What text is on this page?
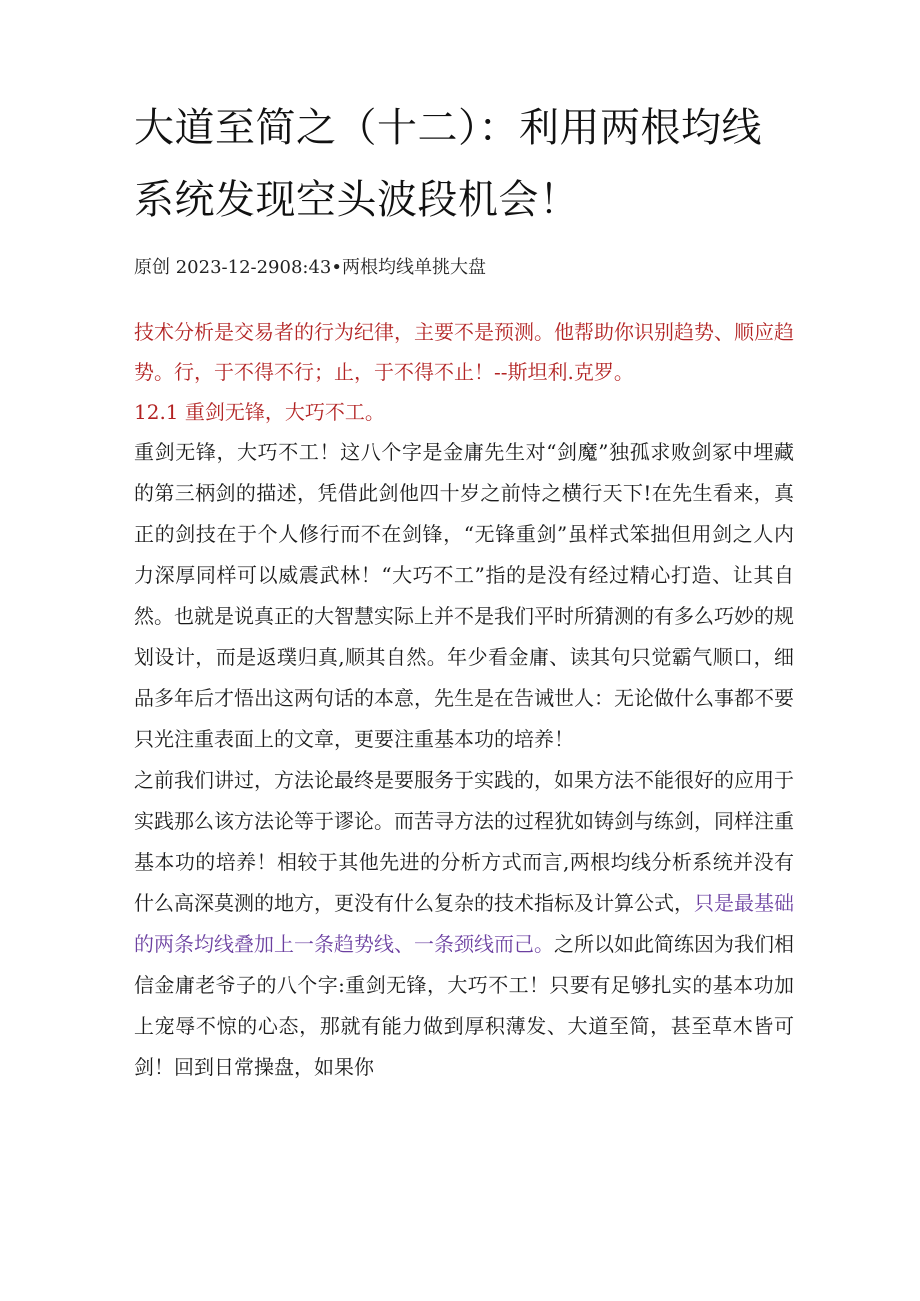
大道至简之（十二）：利用两根均线系统发现空头波段机会！
原创 2023-12-2908:43•两根均线单挑大盘
技术分析是交易者的行为纪律，主要不是预测。他帮助你识别趋势、顺应趋势。行，于不得不行；止，于不得不止！--斯坦利.克罗。
12.1 重剑无锋，大巧不工。
重剑无锋，大巧不工！这八个字是金庸先生对“剑魔”独孤求败剑冢中埋藏的第三柄剑的描述，凭借此剑他四十岁之前恃之横行天下!在先生看来，真正的剑技在于个人修行而不在剑锋，“无锋重剑”虽样式笨拙但用剑之人内力深厚同样可以威震武林！“大巧不工”指的是没有经过精心打造、让其自然。也就是说真正的大智慧实际上并不是我们平时所猜测的有多么巧妙的规划设计，而是返璞归真,顺其自然。年少看金庸、读其句只觉霸气顺口，细品多年后才悟出这两句话的本意，先生是在告诫世人：无论做什么事都不要只光注重表面上的文章，更要注重基本功的培养！
之前我们讲过，方法论最终是要服务于实践的，如果方法不能很好的应用于实践那么该方法论等于谬论。而苦寻方法的过程犹如铸剑与练剑，同样注重基本功的培养！相较于其他先进的分析方式而言,两根均线分析系统并没有什么高深莫测的地方，更没有什么复杂的技术指标及计算公式，只是最基础的两条均线叠加上一条趋势线、一条颈线而己。之所以如此简练因为我们相信金庸老爷子的八个字:重剑无锋，大巧不工！只要有足够扎实的基本功加上宠辱不惊的心态，那就有能力做到厚积薄发、大道至简，甚至草木皆可剑！回到日常操盘，如果你
